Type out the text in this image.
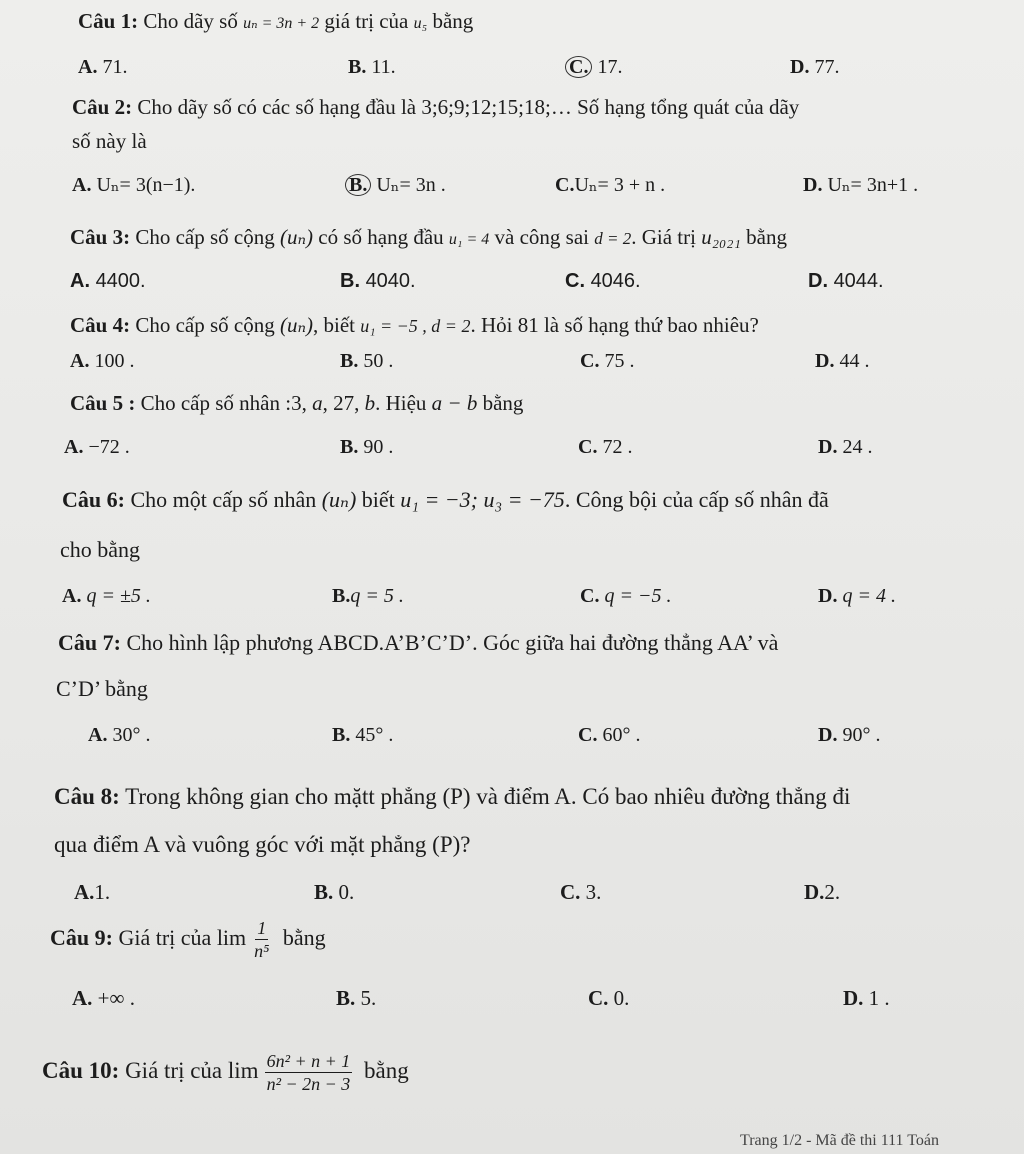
Câu 1: Cho dãy số uₙ = 3n + 2 giá trị của u₅ bằng
A. 71.	B. 11.	C. 17.	D. 77.
Câu 2: Cho dãy số có các số hạng đầu là 3;6;9;12;15;18;… Số hạng tổng quát của dãy
số này là
A. Uₙ= 3(n−1).	B. Uₙ= 3n .	C.Uₙ= 3 + n .	D. Uₙ= 3n+1 .
Câu 3: Cho cấp số cộng (uₙ) có số hạng đầu u₁ = 4 và công sai d = 2. Giá trị u₂₀₂₁ bằng
A. 4400.	B. 4040.	C. 4046.	D. 4044.
Câu 4: Cho cấp số cộng (uₙ), biết u₁ = −5 , d = 2. Hỏi 81 là số hạng thứ bao nhiêu?
A. 100 .	B. 50 .	C. 75 .	D. 44 .
Câu 5 : Cho cấp số nhân :3, a, 27, b. Hiệu a − b bằng
A. −72 .	B. 90 .	C. 72 .	D. 24 .
Câu 6: Cho một cấp số nhân (uₙ) biết u₁ = −3; u₃ = −75. Công bội của cấp số nhân đã
cho bằng
A. q = ±5 .	B.q = 5 .	C. q = −5 .	D. q = 4 .
Câu 7: Cho hình lập phương ABCD.A’B’C’D’. Góc giữa hai đường thẳng AA’ và
C’D’ bằng
A. 30° .	B. 45° .	C. 60° .	D. 90° .
Câu 8: Trong không gian cho mặtt phẳng (P) và điểm A. Có bao nhiêu đường thẳng đi
qua điểm A và vuông góc với mặt phẳng (P)?
A.1.	B. 0.	C. 3.	D.2.
Câu 9: Giá trị của $\lim \frac{1}{\text{n⁵}}$ bằng
A. +∞ .	B. 5.	C. 0.	D. 1 .
Câu 10: Giá trị của $\lim \frac{\text{6n² + n + 1}}{\text{n² − 2n − 3}}$ bằng
Trang 1/2 - Mã đề thi 111 Toán
